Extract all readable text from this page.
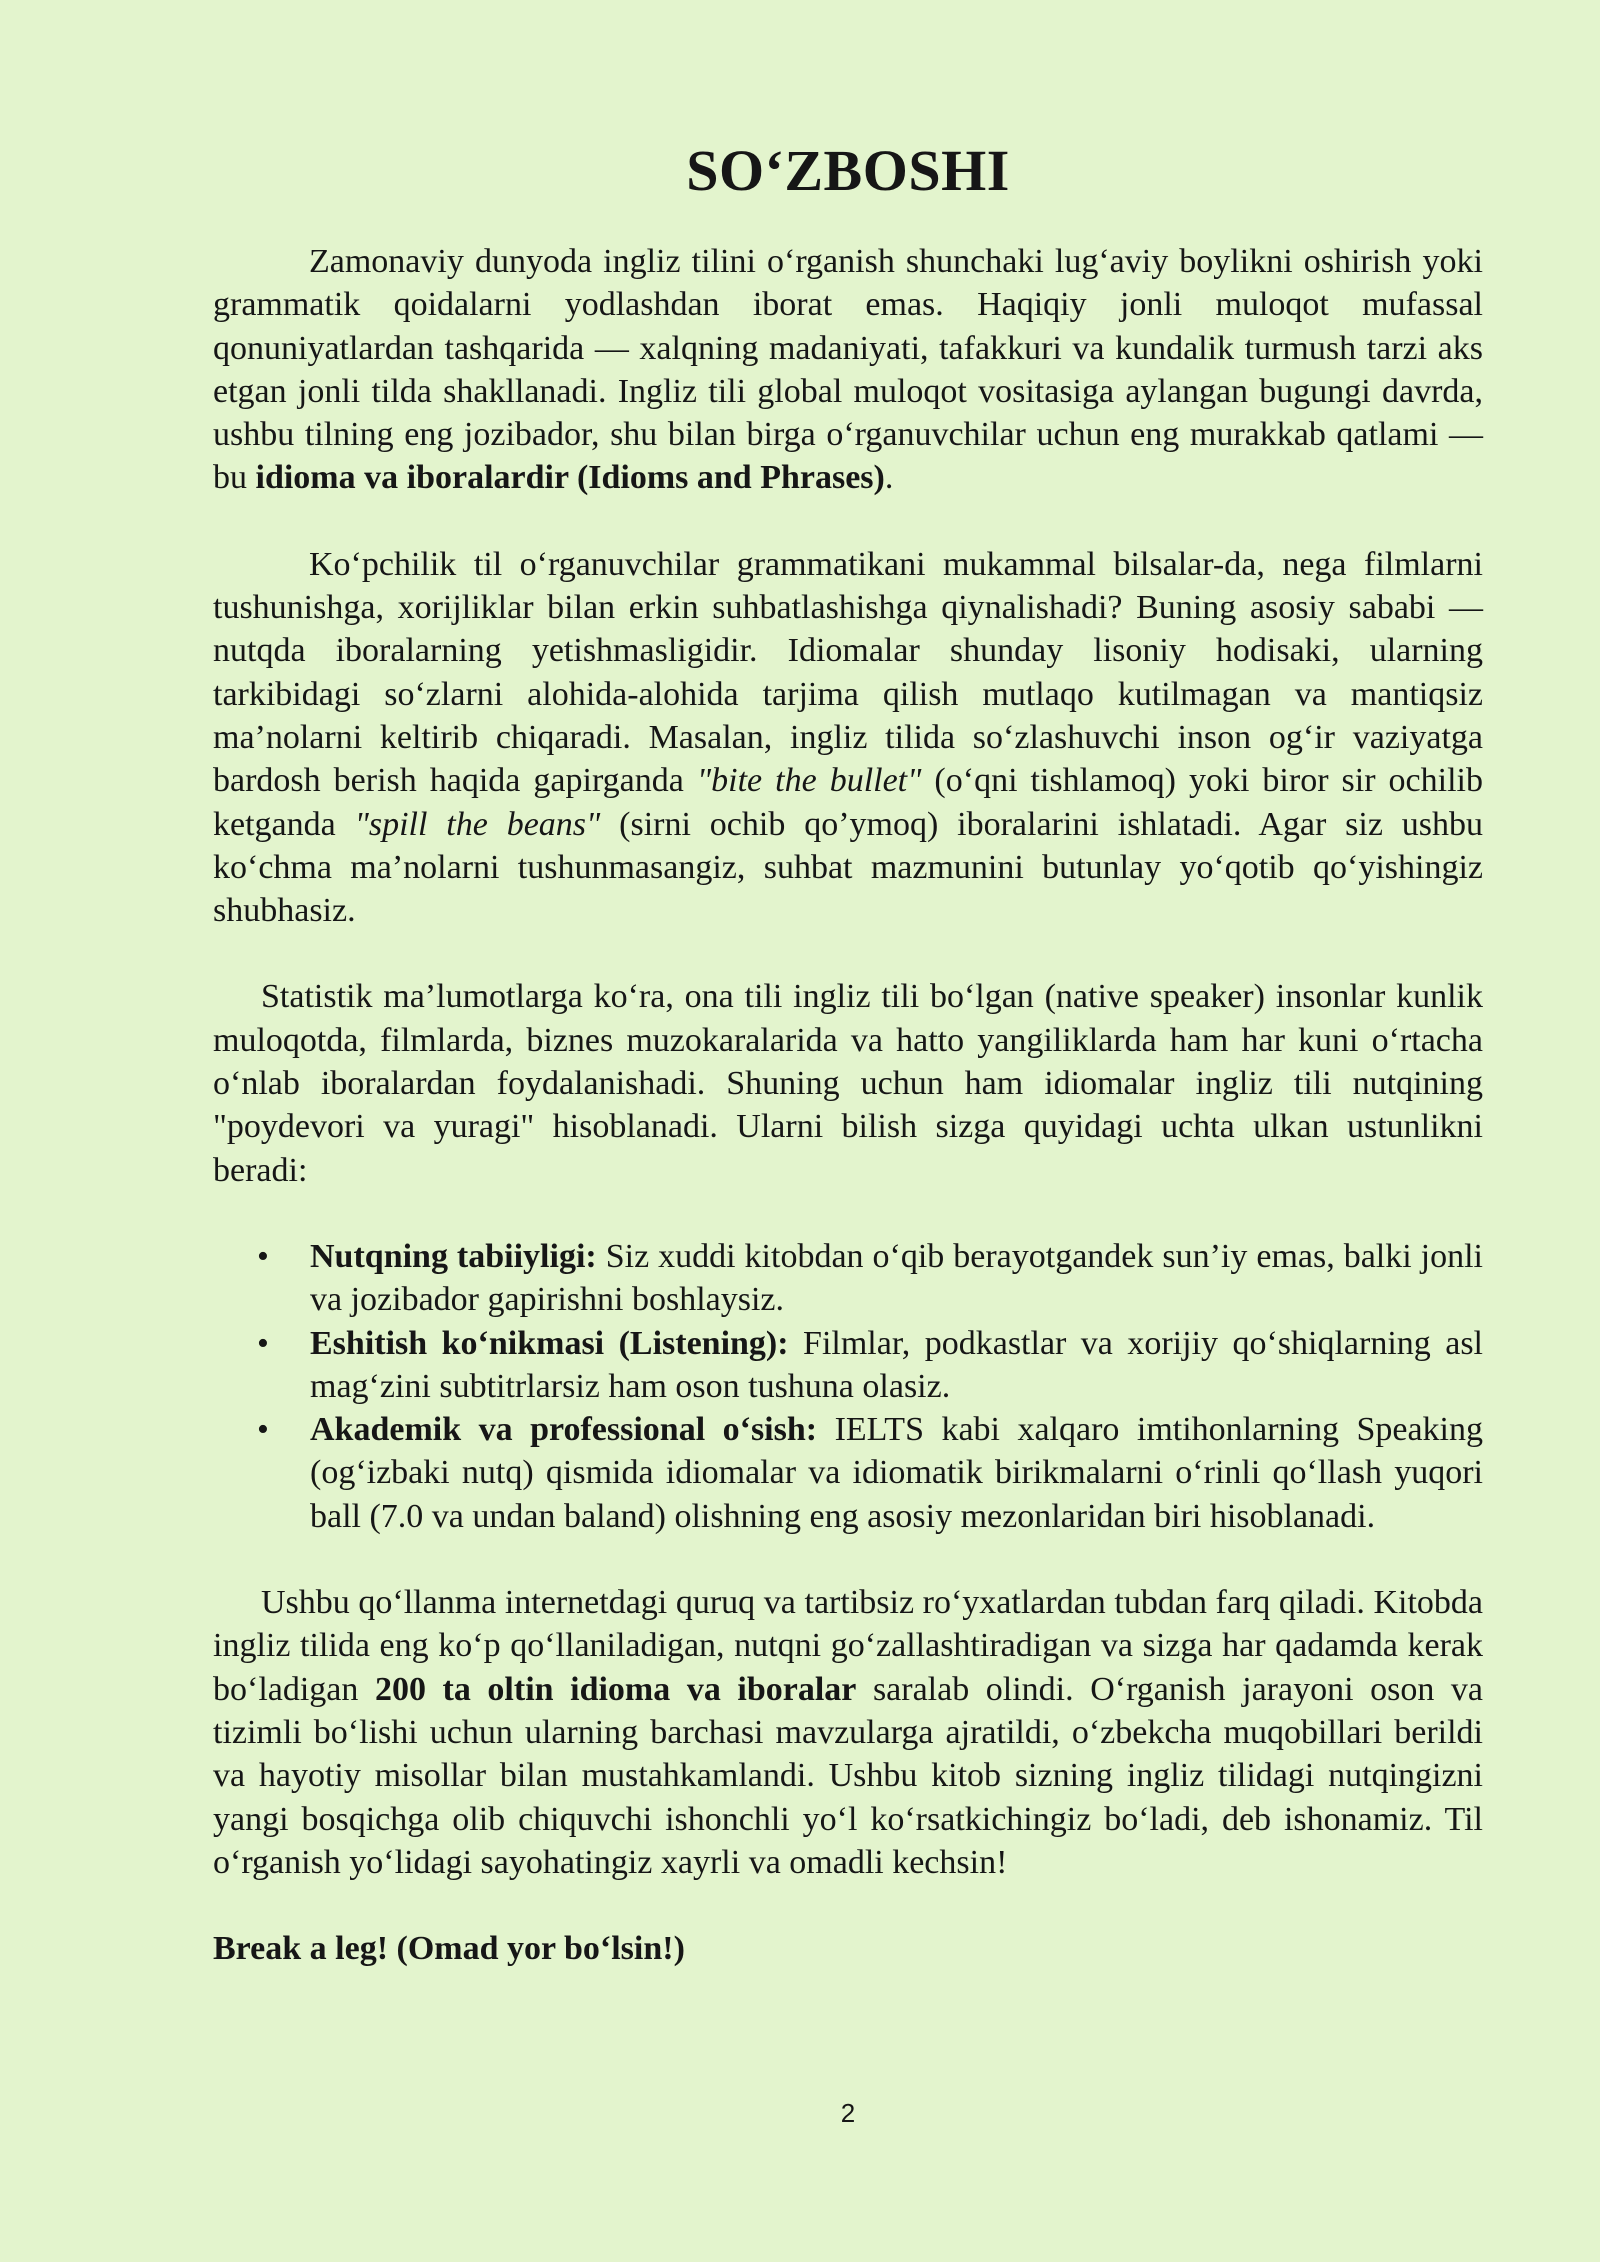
SO‘ZBOSHI

Zamonaviy dunyoda ingliz tilini o‘rganish shunchaki lug‘aviy boylikni oshirish yoki grammatik qoidalarni yodlashdan iborat emas. Haqiqiy jonli muloqot mufassal qonuniyatlardan tashqarida — xalqning madaniyati, tafakkuri va kundalik turmush tarzi aks etgan jonli tilda shakllanadi. Ingliz tili global muloqot vositasiga aylangan bugungi davrda, ushbu tilning eng jozibador, shu bilan birga o‘rganuvchilar uchun eng murakkab qatlami — bu idioma va iboralardir (Idioms and Phrases).

Ko‘pchilik til o‘rganuvchilar grammatikani mukammal bilsalar-da, nega filmlarni tushunishga, xorijliklar bilan erkin suhbatlashishga qiynalishadi? Buning asosiy sababi — nutqda iboralarning yetishmasligidir. Idiomalar shunday lisoniy hodisaki, ularning tarkibidagi so‘zlarni alohida-alohida tarjima qilish mutlaqo kutilmagan va mantiqsiz ma’nolarni keltirib chiqaradi. Masalan, ingliz tilida so‘zlashuvchi inson og‘ir vaziyatga bardosh berish haqida gapirganda "bite the bullet" (o‘qni tishlamoq) yoki biror sir ochilib ketganda "spill the beans" (sirni ochib qo’ymoq) iboralarini ishlatadi. Agar siz ushbu ko‘chma ma’nolarni tushunmasangiz, suhbat mazmunini butunlay yo‘qotib qo‘yishingiz shubhasiz.

Statistik ma’lumotlarga ko‘ra, ona tili ingliz tili bo‘lgan (native speaker) insonlar kunlik muloqotda, filmlarda, biznes muzokaralarida va hatto yangiliklarda ham har kuni o‘rtacha o‘nlab iboralardan foydalanishadi. Shuning uchun ham idiomalar ingliz tili nutqining "poydevori va yuragi" hisoblanadi. Ularni bilish sizga quyidagi uchta ulkan ustunlikni beradi:

• Nutqning tabiiyligi: Siz xuddi kitobdan o‘qib berayotgandek sun’iy emas, balki jonli va jozibador gapirishni boshlaysiz.
• Eshitish ko‘nikmasi (Listening): Filmlar, podkastlar va xorijiy qo‘shiqlarning asl mag‘zini subtitrlarsiz ham oson tushuna olasiz.
• Akademik va professional o‘sish: IELTS kabi xalqaro imtihonlarning Speaking (og‘izbaki nutq) qismida idiomalar va idiomatik birikmalarni o‘rinli qo‘llash yuqori ball (7.0 va undan baland) olishning eng asosiy mezonlaridan biri hisoblanadi.

Ushbu qo‘llanma internetdagi quruq va tartibsiz ro‘yxatlardan tubdan farq qiladi. Kitobda ingliz tilida eng ko‘p qo‘llaniladigan, nutqni go‘zallashtiradigan va sizga har qadamda kerak bo‘ladigan 200 ta oltin idioma va iboralar saralab olindi. O‘rganish jarayoni oson va tizimli bo‘lishi uchun ularning barchasi mavzularga ajratildi, o‘zbekcha muqobillari berildi va hayotiy misollar bilan mustahkamlandi. Ushbu kitob sizning ingliz tilidagi nutqingizni yangi bosqichga olib chiquvchi ishonchli yo‘l ko‘rsatkichingiz bo‘ladi, deb ishonamiz. Til o‘rganish yo‘lidagi sayohatingiz xayrli va omadli kechsin!

Break a leg! (Omad yor bo‘lsin!)

2
